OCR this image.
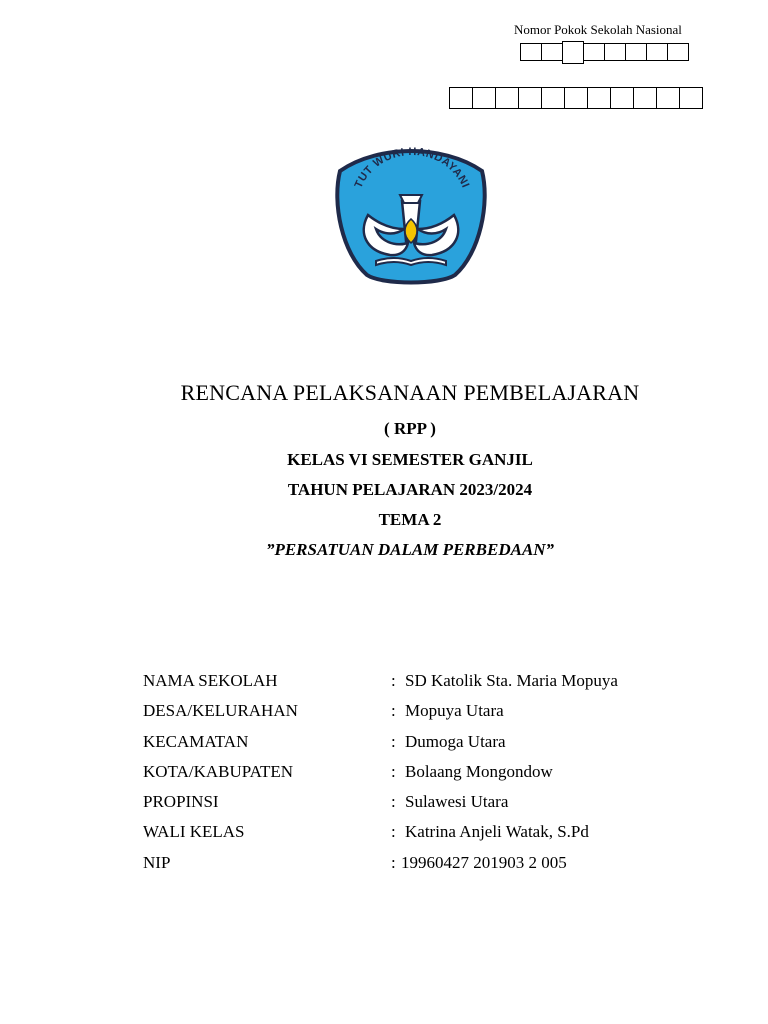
Nomor Pokok Sekolah Nasional
TUT WURI HANDAYANI
RENCANA PELAKSANAAN PEMBELAJARAN
( RPP )
KELAS VI SEMESTER GANJIL
TAHUN PELAJARAN 2023/2024
TEMA 2
”PERSATUAN DALAM PERBEDAAN”
NAMA SEKOLAH	: SD Katolik Sta. Maria Mopuya
DESA/KELURAHAN	: Mopuya Utara
KECAMATAN	: Dumoga Utara
KOTA/KABUPATEN	: Bolaang Mongondow
PROPINSI	: Sulawesi Utara
WALI KELAS	: Katrina Anjeli Watak, S.Pd
NIP	: 19960427 201903 2 005
